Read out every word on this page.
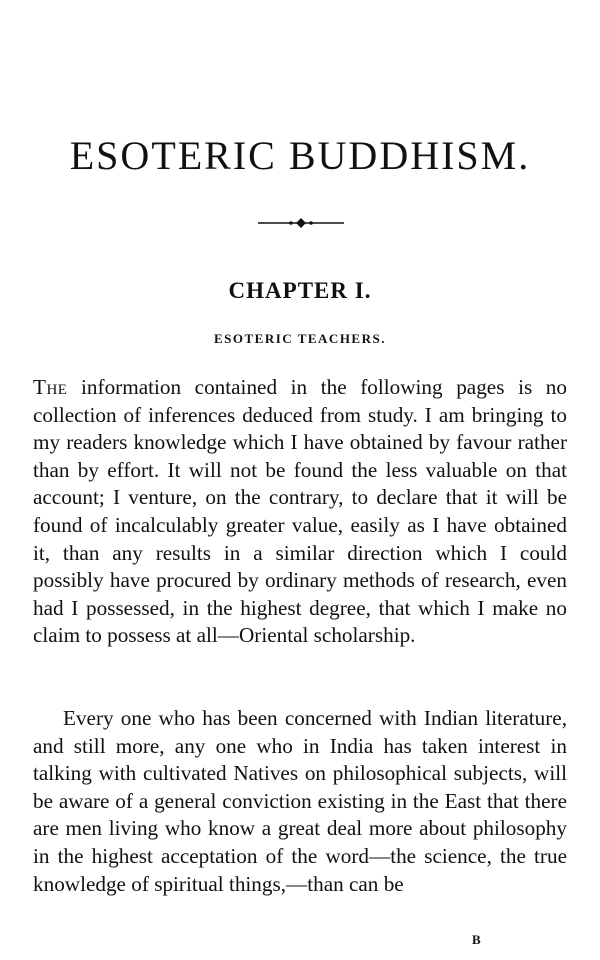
ESOTERIC BUDDHISM.
CHAPTER I.
ESOTERIC TEACHERS.

The information contained in the following pages is no collection of inferences deduced from study. I am bringing to my readers knowledge which I have obtained by favour rather than by effort. It will not be found the less valuable on that account; I venture, on the contrary, to declare that it will be found of incalculably greater value, easily as I have obtained it, than any results in a similar direction which I could possibly have procured by ordinary methods of research, even had I possessed, in the highest degree, that which I make no claim to possess at all—Oriental scholarship.

Every one who has been concerned with Indian literature, and still more, any one who in India has taken interest in talking with cultivated Natives on philosophical subjects, will be aware of a general conviction existing in the East that there are men living who know a great deal more about philosophy in the highest acceptation of the word—the science, the true knowledge of spiritual things,—than can be

B
